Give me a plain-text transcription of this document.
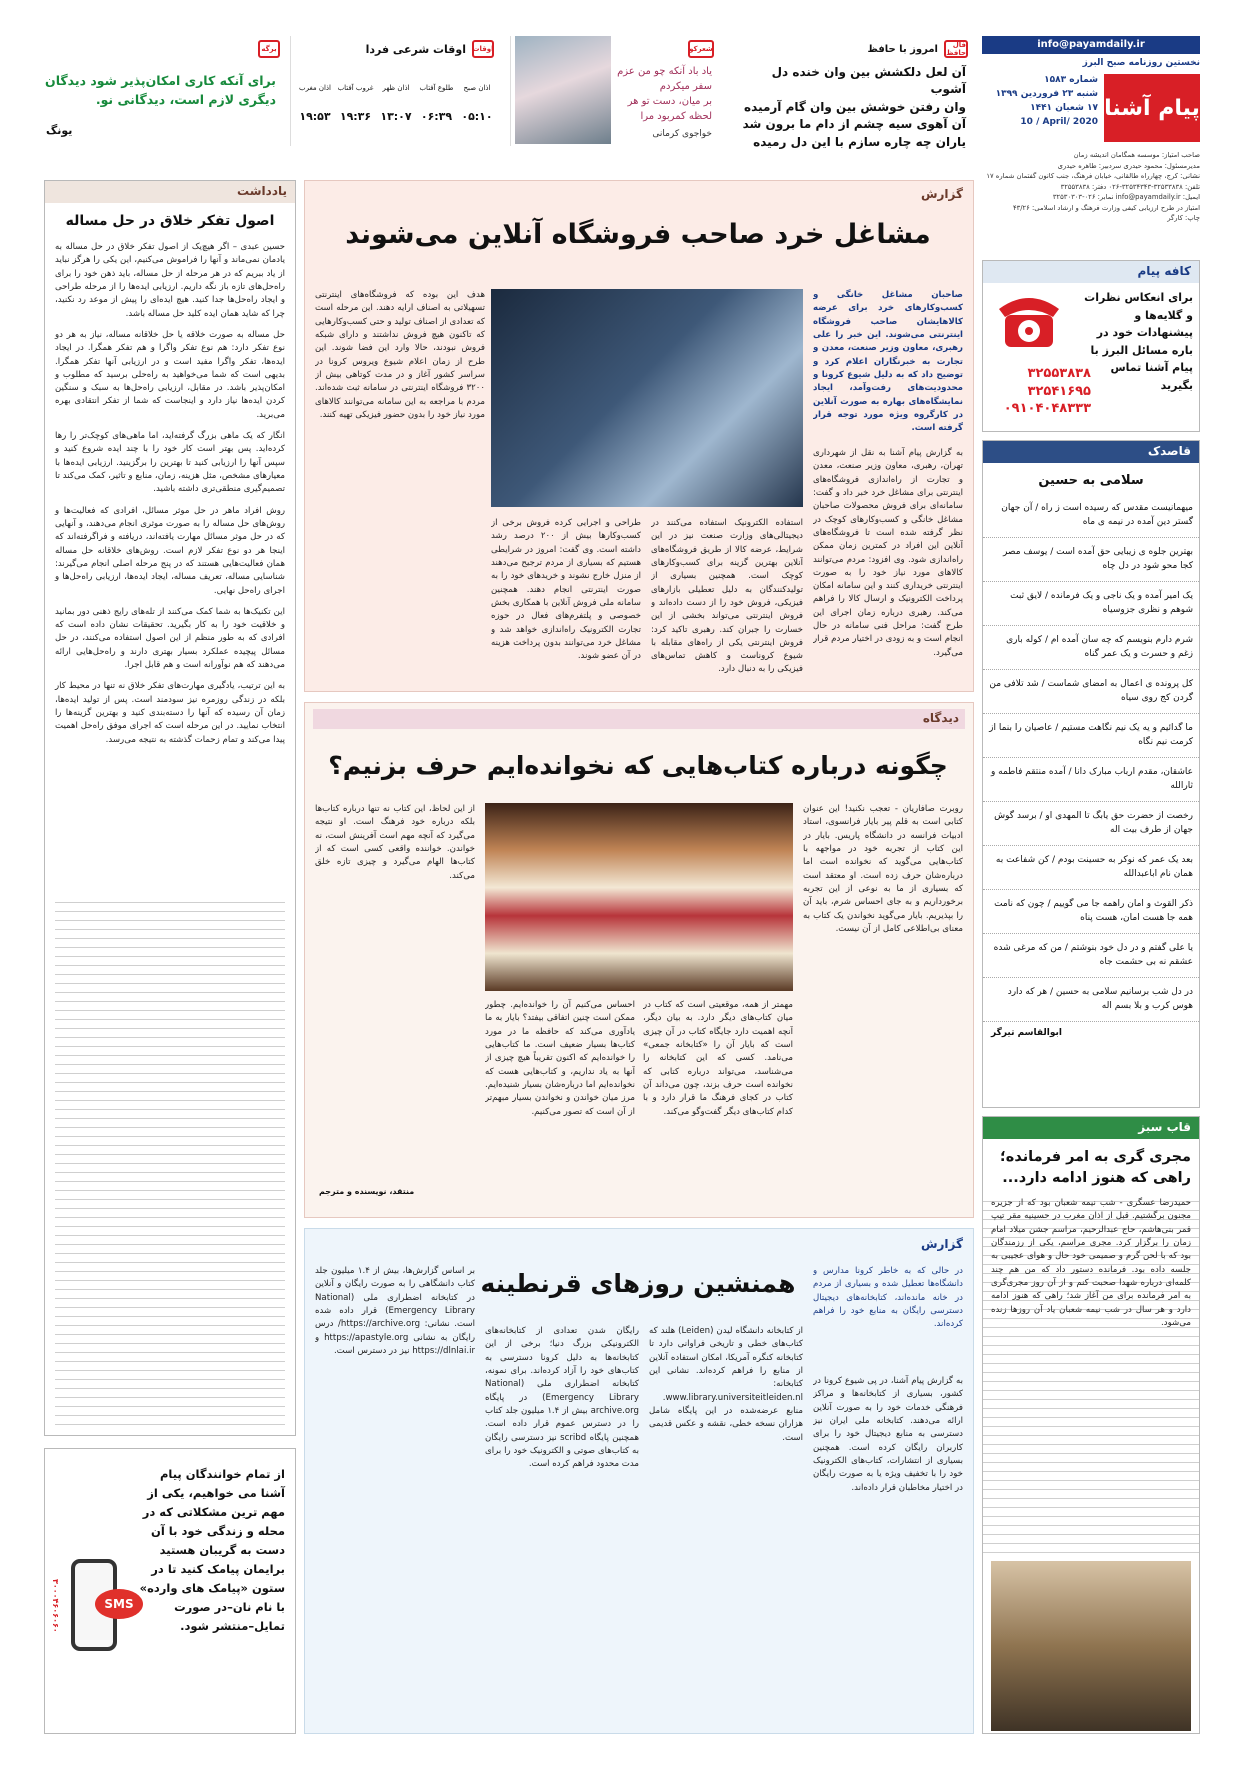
فال حافظ
امروز با حافظ
آن لعل دلکشش بین وان خنده دل آشوب
وان رفتن خوشش بین وان گام آرمیده
آن آهوی سیه چشم از دام ما برون شد
یاران چه چاره سازم با این دل رمیده
شعرکو
یاد باد آنکه چو من عزم سفر میکردم
بر میان، دست تو هر لحظه کمربود مرا
خواجوی کرمانی
اوقات
اوقات شرعی فردا
اذان صبح
۰۵:۱۰
طلوع آفتاب
۰۶:۳۹
اذان ظهر
۱۳:۰۷
غروب آفتاب
۱۹:۳۶
اذان مغرب
۱۹:۵۳
برگه
برای آنکه کاری امکان‌پذیر شود دیدگان دیگری لازم است، دیدگانی نو.
یونگ
info@payamdaily.ir
نخستین روزنامه صبح البرز
پیام آشنا
شماره ۱۵۸۳
شنبه ۲۳ فروردین ۱۳۹۹
۱۷ شعبان ۱۴۴۱
10 / April/ 2020
صاحب امتیاز: موسسه همگامان اندیشه زمان
مدیرمسئول: محمود حیدری سردبیر: طاهره حیدری
نشانی: کرج، چهارراه طالقانی، خیابان فرهنگ، جنب کانون گفتمان شماره ۱۷
تلفن: ۳۲۵۳۳۸۳۸-۳۲۵۳۴۳۴۳-۰۲۶ دفتر: ۳۲۵۵۳۸۳۸
ایمیل: info@payamdaily.ir نمابر: ۰۲۶-۳۲۵۳۰۳۰۳
امتیاز در طرح ارزیابی کیفی وزارت فرهنگ و ارشاد اسلامی: ۴۳/۲۶
چاپ: کارگر
کافه پیام
برای انعکاس نظرات و گلایه‌ها و پیشنهادات خود در باره مسائل البرز با پیام آشنا تماس بگیرید
۳۲۵۵۳۸۳۸
۳۲۵۴۱۶۹۵
۰۹۱۰۴۰۴۸۳۳۳
قاصدک
سلامی به حسین
میهمانیست مقدس که رسیده است ز راه / آن جهان گستر دین آمده در نیمه ی ماه
بهترین جلوه ی زیبایی حق آمده است / یوسف مصر کجا محو شود در دل چاه
یک امیر آمده و یک ناجی و یک فرمانده / لایق ثبت شوهم و نظری جزوسیاه
شرم دارم بنویسم که چه سان آمده ام / کوله باری زغم و حسرت و یک عمر گناه
کل پرونده ی اعمال به امضای شماست / شد تلافی من گردن کج روی سیاه
ما گدائیم و یه یک نیم نگاهت مستیم / عاصیان را بنما از کرمت نیم نگاه
عاشقان، مقدم ارباب مبارک دانا / آمده منتقم فاطمه و ثارالله
رخصت از حضرت حق یابگ تا المهدی او / برسد گوش جهان از طرف بیت اله
بعد یک عمر که نوکر به حسینت بودم / کن شفاعت به همان نام اباعبدالله
ذکر القوث و امان راهمه جا می گوییم / چون که نامت همه جا هست امان، هست پناه
یا علی گفتم و در دل خود بنوشتم / من که مرغی شده عشقم نه بی حشمت جاه
در دل شب برسانیم سلامی به حسین / هر که دارد هوس کرب و بلا بسم اله
ابوالقاسم تیرگر
قاب سبز
مجری گری به امر فرمانده؛ راهی که هنوز ادامه دارد...
حمیدرضا عسگری - شب نیمه شعبان بود که از جزیره مجنون برگشتیم. قبل از اذان مغرب در حسینیه مقر تیپ قمر بنی‌هاشم، حاج عبدالرحیم، مراسم جشن میلاد امام زمان را برگزار کرد. مجری مراسم، یکی از رزمندگان بود که با لحن گرم و صمیمی خود حال و هوای عجیبی به جلسه داده بود. فرمانده دستور داد که من هم چند کلمه‌ای درباره شهدا صحبت کنم و از آن روز مجری‌گری به امر فرمانده برای من آغاز شد؛ راهی که هنوز ادامه دارد و هر سال در شب نیمه شعبان یاد آن روزها زنده می‌شود.
یادداشت
اصول تفکر خلاق در حل مساله

حسین عبدی – اگر هیچ‌یک از اصول تفکر خلاق در حل مساله به یادمان نمی‌ماند و آنها را فراموش می‌کنیم، این یکی را هرگز نباید از یاد ببریم که در هر مرحله از حل مساله، باید ذهن خود را برای راه‌حل‌های تازه باز نگه داریم. ارزیابی ایده‌ها را از مرحله طراحی و ایجاد راه‌حل‌ها جدا کنید. هیچ ایده‌ای را پیش از موعد رد نکنید، چرا که شاید همان ایده کلید حل مساله باشد.

حل مساله به صورت خلاقه یا حل خلاقانه مساله، نیاز به هر دو نوع تفکر دارد: هم نوع تفکر واگرا و هم تفکر همگرا. در ایجاد ایده‌ها، تفکر واگرا مفید است و در ارزیابی آنها تفکر همگرا. بدیهی است که شما می‌خواهید به راه‌حلی برسید که مطلوب و امکان‌پذیر باشد. در مقابل، ارزیابی راه‌حل‌ها به سبک و سنگین کردن ایده‌ها نیاز دارد و اینجاست که شما از تفکر انتقادی بهره می‌برید.

انگار که یک ماهی بزرگ گرفته‌اید، اما ماهی‌های کوچک‌تر را رها کرده‌اید. پس بهتر است کار خود را با چند ایده شروع کنید و سپس آنها را ارزیابی کنید تا بهترین را برگزینید. ارزیابی ایده‌ها با معیارهای مشخص، مثل هزینه، زمان، منابع و تاثیر، کمک می‌کند تا تصمیم‌گیری منطقی‌تری داشته باشید.

روش افراد ماهر در حل موثر مسائل، افرادی که فعالیت‌ها و روش‌های حل مساله را به صورت موثری انجام می‌دهند، و آنهایی که در حل موثر مسائل مهارت یافته‌اند، دریافته و فراگرفته‌اند که اینجا هر دو نوع تفکر لازم است. روش‌های خلاقانه حل مساله همان فعالیت‌هایی هستند که در پنج مرحله اصلی انجام می‌گیرند: شناسایی مساله، تعریف مساله، ایجاد ایده‌ها، ارزیابی راه‌حل‌ها و اجرای راه‌حل نهایی.

این تکنیک‌ها به شما کمک می‌کنند از تله‌های رایج ذهنی دور بمانید و خلاقیت خود را به کار بگیرید. تحقیقات نشان داده است که افرادی که به طور منظم از این اصول استفاده می‌کنند، در حل مسائل پیچیده عملکرد بسیار بهتری دارند و راه‌حل‌هایی ارائه می‌دهند که هم نوآورانه است و هم قابل اجرا.

به این ترتیب، یادگیری مهارت‌های تفکر خلاق نه تنها در محیط کار بلکه در زندگی روزمره نیز سودمند است. پس از تولید ایده‌ها، زمان آن رسیده که آنها را دسته‌بندی کنید و بهترین گزینه‌ها را انتخاب نمایید. در این مرحله است که اجرای موفق راه‌حل اهمیت پیدا می‌کند و تمام زحمات گذشته به نتیجه می‌رسد.

از تمام خوانندگان پیام آشنا می خواهیم، یکی از مهم ترین مشکلاتی که در محله و زندگی خود با آن دست به گریبان هستید برایمان پیامک کنید تا در ستون «پیامک های وارده» با نام نان–در صورت تمایل–منتشر شود.
SMS
۳۰۰۰۴۶۰۶۰۶۰
گزارش
مشاغل خرد صاحب فروشگاه آنلاین می‌شوند
صاحبان مشاغل خانگی و کسب‌وکارهای خرد برای عرضه کالاهایشان صاحب فروشگاه اینترنتی می‌شوند. این خبر را علی رهبری، معاون وزیر صنعت، معدن و تجارت به خبرنگاران اعلام کرد و توضیح داد که به دلیل شیوع کرونا و محدودیت‌های رفت‌وآمد، ایجاد نمایشگاه‌های بهاره به صورت آنلاین در کارگروه ویژه مورد توجه قرار گرفته است.
هدف این بوده که فروشگاه‌های اینترنتی تسهیلاتی به اصناف ارایه دهند. این مرحله است که تعدادی از اصناف تولید و حتی کسب‌وکارهایی که تاکنون هیچ فروش نداشتند و دارای شبکه فروش نبودند، حالا وارد این فضا شوند. این طرح از زمان اعلام شیوع ویروس کرونا در سراسر کشور آغاز و در مدت کوتاهی بیش از ۳۲۰۰ فروشگاه اینترنتی در سامانه ثبت شده‌اند. مردم با مراجعه به این سامانه می‌توانند کالاهای مورد نیاز خود را بدون حضور فیزیکی تهیه کنند.
به گزارش پیام آشنا به نقل از شهرداری تهران، رهبری، معاون وزیر صنعت، معدن و تجارت از راه‌اندازی فروشگاه‌های اینترنتی برای مشاغل خرد خبر داد و گفت: سامانه‌ای برای فروش محصولات صاحبان مشاغل خانگی و کسب‌وکارهای کوچک در نظر گرفته شده است تا فروشگاه‌های آنلاین این افراد در کمترین زمان ممکن راه‌اندازی شود. وی افزود: مردم می‌توانند کالاهای مورد نیاز خود را به صورت اینترنتی خریداری کنند و این سامانه امکان پرداخت الکترونیک و ارسال کالا را فراهم می‌کند. رهبری درباره زمان اجرای این طرح گفت: مراحل فنی سامانه در حال انجام است و به زودی در اختیار مردم قرار می‌گیرد.
استفاده الکترونیک استفاده می‌کنند در دیجیتالی‌های وزارت صنعت نیز در این شرایط، عرضه کالا از طریق فروشگاه‌های آنلاین بهترین گزینه برای کسب‌وکارهای کوچک است. همچنین بسیاری از تولیدکنندگان به دلیل تعطیلی بازارهای فیزیکی، فروش خود را از دست داده‌اند و فروش اینترنتی می‌تواند بخشی از این خسارت را جبران کند. رهبری تاکید کرد: فروش اینترنتی یکی از راه‌های مقابله با شیوع کروناست و کاهش تماس‌های فیزیکی را به دنبال دارد.
طراحی و اجرایی کرده فروش برخی از کسب‌وکارها بیش از ۲۰۰ درصد رشد داشته است. وی گفت: امروز در شرایطی هستیم که بسیاری از مردم ترجیح می‌دهند از منزل خارج نشوند و خریدهای خود را به صورت اینترنتی انجام دهند. همچنین سامانه ملی فروش آنلاین با همکاری بخش خصوصی و پلتفرم‌های فعال در حوزه تجارت الکترونیک راه‌اندازی خواهد شد و مشاغل خرد می‌توانند بدون پرداخت هزینه در آن عضو شوند.
دیدگاه
چگونه درباره کتاب‌هایی که نخوانده‌ایم حرف بزنیم؟
روبرت صافاریان - تعجب نکنید! این عنوان کتابی است به قلم پیر بایار فرانسوی، استاد ادبیات فرانسه در دانشگاه پاریس. بایار در این کتاب از تجربه خود در مواجهه با کتاب‌هایی می‌گوید که نخوانده است اما درباره‌شان حرف زده است. او معتقد است که بسیاری از ما به نوعی از این تجربه برخورداریم و به جای احساس شرم، باید آن را بپذیریم. بایار می‌گوید نخواندن یک کتاب به معنای بی‌اطلاعی کامل از آن نیست.
مهمتر از همه، موقعیتی است که کتاب در میان کتاب‌های دیگر دارد. به بیان دیگر، آنچه اهمیت دارد جایگاه کتاب در آن چیزی است که بایار آن را «کتابخانه جمعی» می‌نامد. کسی که این کتابخانه را می‌شناسد، می‌تواند درباره کتابی که نخوانده است حرف بزند، چون می‌داند آن کتاب در کجای فرهنگ ما قرار دارد و با کدام کتاب‌های دیگر گفت‌وگو می‌کند.
احساس می‌کنیم آن را خوانده‌ایم. چطور ممکن است چنین اتفاقی بیفتد؟ بایار به ما یادآوری می‌کند که حافظه ما در مورد کتاب‌ها بسیار ضعیف است. ما کتاب‌هایی را خوانده‌ایم که اکنون تقریباً هیچ چیزی از آنها به یاد نداریم، و کتاب‌هایی هست که نخوانده‌ایم اما درباره‌شان بسیار شنیده‌ایم. مرز میان خواندن و نخواندن بسیار مبهم‌تر از آن است که تصور می‌کنیم.
از این لحاظ، این کتاب نه تنها درباره کتاب‌ها بلکه درباره خود فرهنگ است. او نتیجه می‌گیرد که آنچه مهم است آفرینش است، نه خواندن. خواننده واقعی کسی است که از کتاب‌ها الهام می‌گیرد و چیزی تازه خلق می‌کند.
منتقد، نویسنده و مترجم
گزارش
در حالی که به خاطر کرونا مدارس و دانشگاه‌ها تعطیل شده و بسیاری از مردم در خانه مانده‌اند، کتابخانه‌های دیجیتال دسترسی رایگان به منابع خود را فراهم کرده‌اند.
همنشین روزهای قرنطینه
به گزارش پیام آشنا، در پی شیوع کرونا در کشور، بسیاری از کتابخانه‌ها و مراکز فرهنگی خدمات خود را به صورت آنلاین ارائه می‌دهند. کتابخانه ملی ایران نیز دسترسی به منابع دیجیتال خود را برای کاربران رایگان کرده است. همچنین بسیاری از انتشارات، کتاب‌های الکترونیک خود را با تخفیف ویژه یا به صورت رایگان در اختیار مخاطبان قرار داده‌اند.
از کتابخانه دانشگاه لیدن (Leiden) هلند که کتاب‌های خطی و تاریخی فراوانی دارد تا کتابخانه کنگره آمریکا، امکان استفاده آنلاین از منابع را فراهم کرده‌اند. نشانی این کتابخانه: www.library.universiteitleiden.nl. منابع عرضه‌شده در این پایگاه شامل هزاران نسخه خطی، نقشه و عکس قدیمی است.
رایگان شدن تعدادی از کتابخانه‌های الکترونیکی بزرگ دنیا؛ برخی از این کتابخانه‌ها به دلیل کرونا دسترسی به کتاب‌های خود را آزاد کرده‌اند. برای نمونه، کتابخانه اضطراری ملی (National Emergency Library) در پایگاه archive.org بیش از ۱.۴ میلیون جلد کتاب را در دسترس عموم قرار داده است. همچنین پایگاه scribd نیز دسترسی رایگان به کتاب‌های صوتی و الکترونیک خود را برای مدت محدود فراهم کرده است.
بر اساس گزارش‌ها، بیش از ۱.۴ میلیون جلد کتاب دانشگاهی را به صورت رایگان و آنلاین در کتابخانه اضطراری ملی (National Emergency Library) قرار داده شده است. نشانی: https://archive.org/ درس رایگان به نشانی https://apastyle.org و https://dlnlai.ir نیز در دسترس است.
